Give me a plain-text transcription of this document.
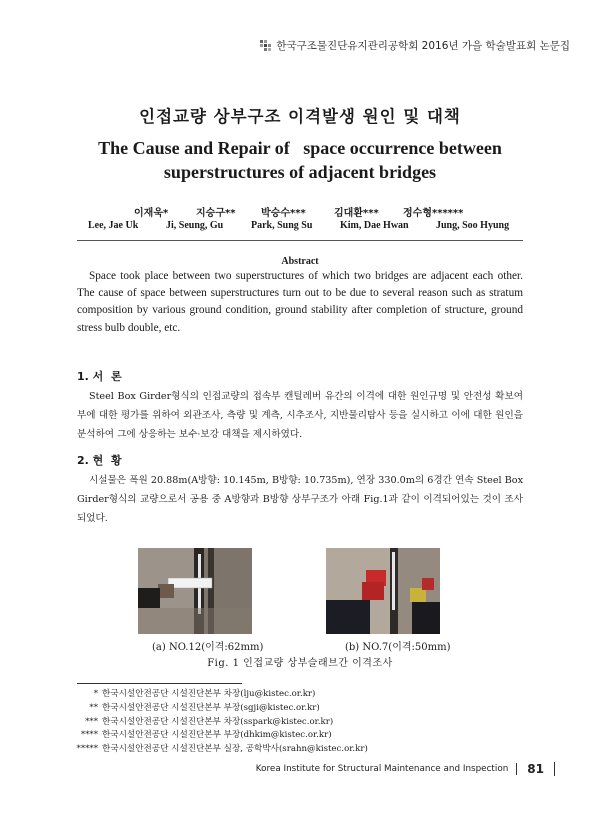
한국구조물진단유지관리공학회 2016년 가을 학술발표회 논문집
인접교량 상부구조 이격발생 원인 및 대책
The Cause and Repair of   space occurrence between
superstructures of adjacent bridges
이재욱*	지승구**	박승수***	김대환*** 정수형******
Lee, Jae Uk	Ji, Seung, Gu	Park, Sung Su	Kim, Dae Hwan	Jung, Soo Hyung
Abstract

Space took place between two superstructures of which two bridges are adjacent each other. The cause of space between superstructures turn out to be due to several reason such as stratum composition by various ground condition, ground stability after completion of structure, ground stress bulb double, etc.

1. 서  론

Steel Box Girder형식의 인접교량의 접속부 캔틸레버 유간의 이격에 대한 원인규명 및 안전성 확보여부에 대한 평가를 위하여 외관조사, 측량 및 계측, 시추조사, 지반물리탐사 등을 실시하고 이에 대한 원인을 분석하여 그에 상응하는 보수·보강 대책을 제시하였다.

2. 현  황

시설물은 폭원 20.88m(A방향: 10.145m, B방향: 10.735m), 연장 330.0m의 6경간 연속 Steel Box Girder형식의 교량으로서 공용 중 A방향과 B방향 상부구조가 아래 Fig.1과 같이 이격되어있는 것이 조사되었다.

(a) NO.12(이격:62mm)	(b) NO.7(이격:50mm)
Fig. 1 인접교량 상부슬래브간 이격조사
* 한국시설안전공단 시설진단본부 차장(lju@kistec.or.kr)
** 한국시설안전공단 시설진단본부 부장(sgji@kistec.or.kr)
*** 한국시설안전공단 시설진단본부 차장(sspark@kistec.or.kr)
**** 한국시설안전공단 시설진단본부 부장(dhkim@kistec.or.kr)
***** 한국시설안전공단 시설진단본부 실장, 공학박사(srahn@kistec.or.kr)
Korea Institute for Structural Maintenance and Inspection 81
